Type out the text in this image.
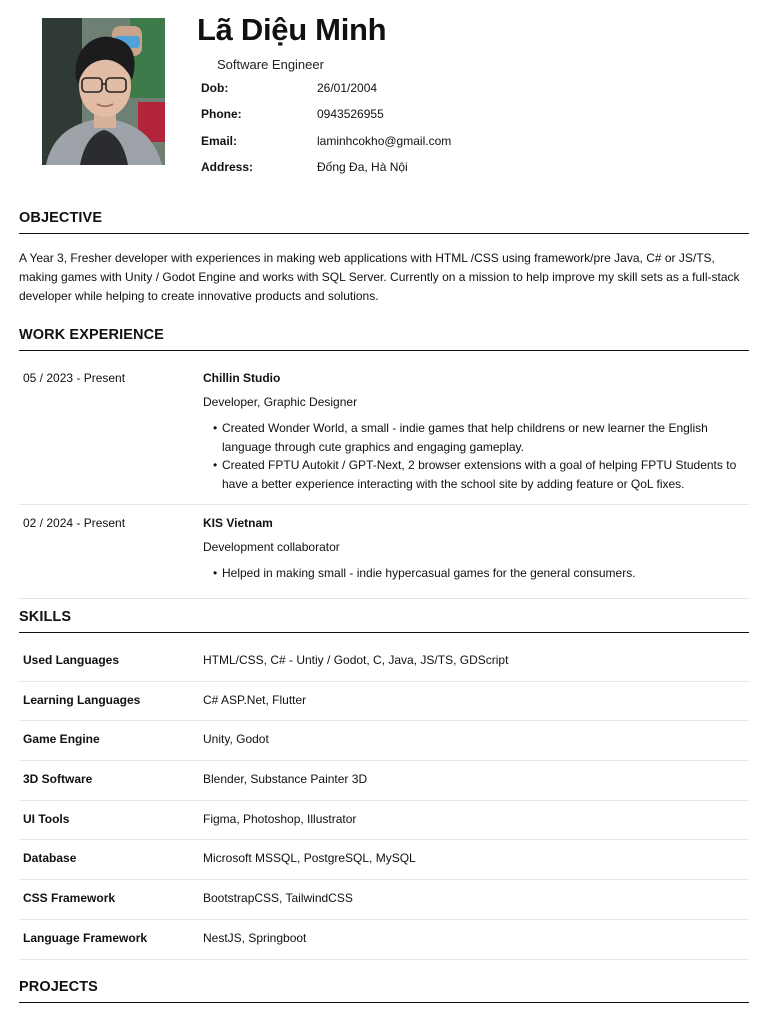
Lã Diệu Minh
Software Engineer
Dob:	26/01/2004
Phone:	0943526955
Email:	laminhcokho@gmail.com
Address:	Đống Đa, Hà Nội
OBJECTIVE

A Year 3, Fresher developer with experiences in making web applications with HTML /CSS using framework/pre Java, C# or JS/TS, making games with Unity / Godot Engine and works with SQL Server. Currently on a mission to help improve my skill sets as a full-stack developer while helping to create innovative products and solutions.

WORK EXPERIENCE
05 / 2023 - Present	Chillin Studio
Developer, Graphic Designer
• Created Wonder World, a small - indie games that help childrens or new learner the English language through cute graphics and engaging gameplay.
• Created FPTU Autokit / GPT-Next, 2 browser extensions with a goal of helping FPTU Students to have a better experience interacting with the school site by adding feature or QoL fixes.
02 / 2024 - Present	KIS Vietnam
Development collaborator
• Helped in making small - indie hypercasual games for the general consumers.
SKILLS
Used Languages	HTML/CSS, C# - Untiy / Godot, C, Java, JS/TS, GDScript
Learning Languages	C# ASP.Net, Flutter
Game Engine	Unity, Godot
3D Software	Blender, Substance Painter 3D
UI Tools	Figma, Photoshop, Illustrator
Database	Microsoft MSSQL, PostgreSQL, MySQL
CSS Framework	BootstrapCSS, TailwindCSS
Language Framework	NestJS, Springboot
PROJECTS
